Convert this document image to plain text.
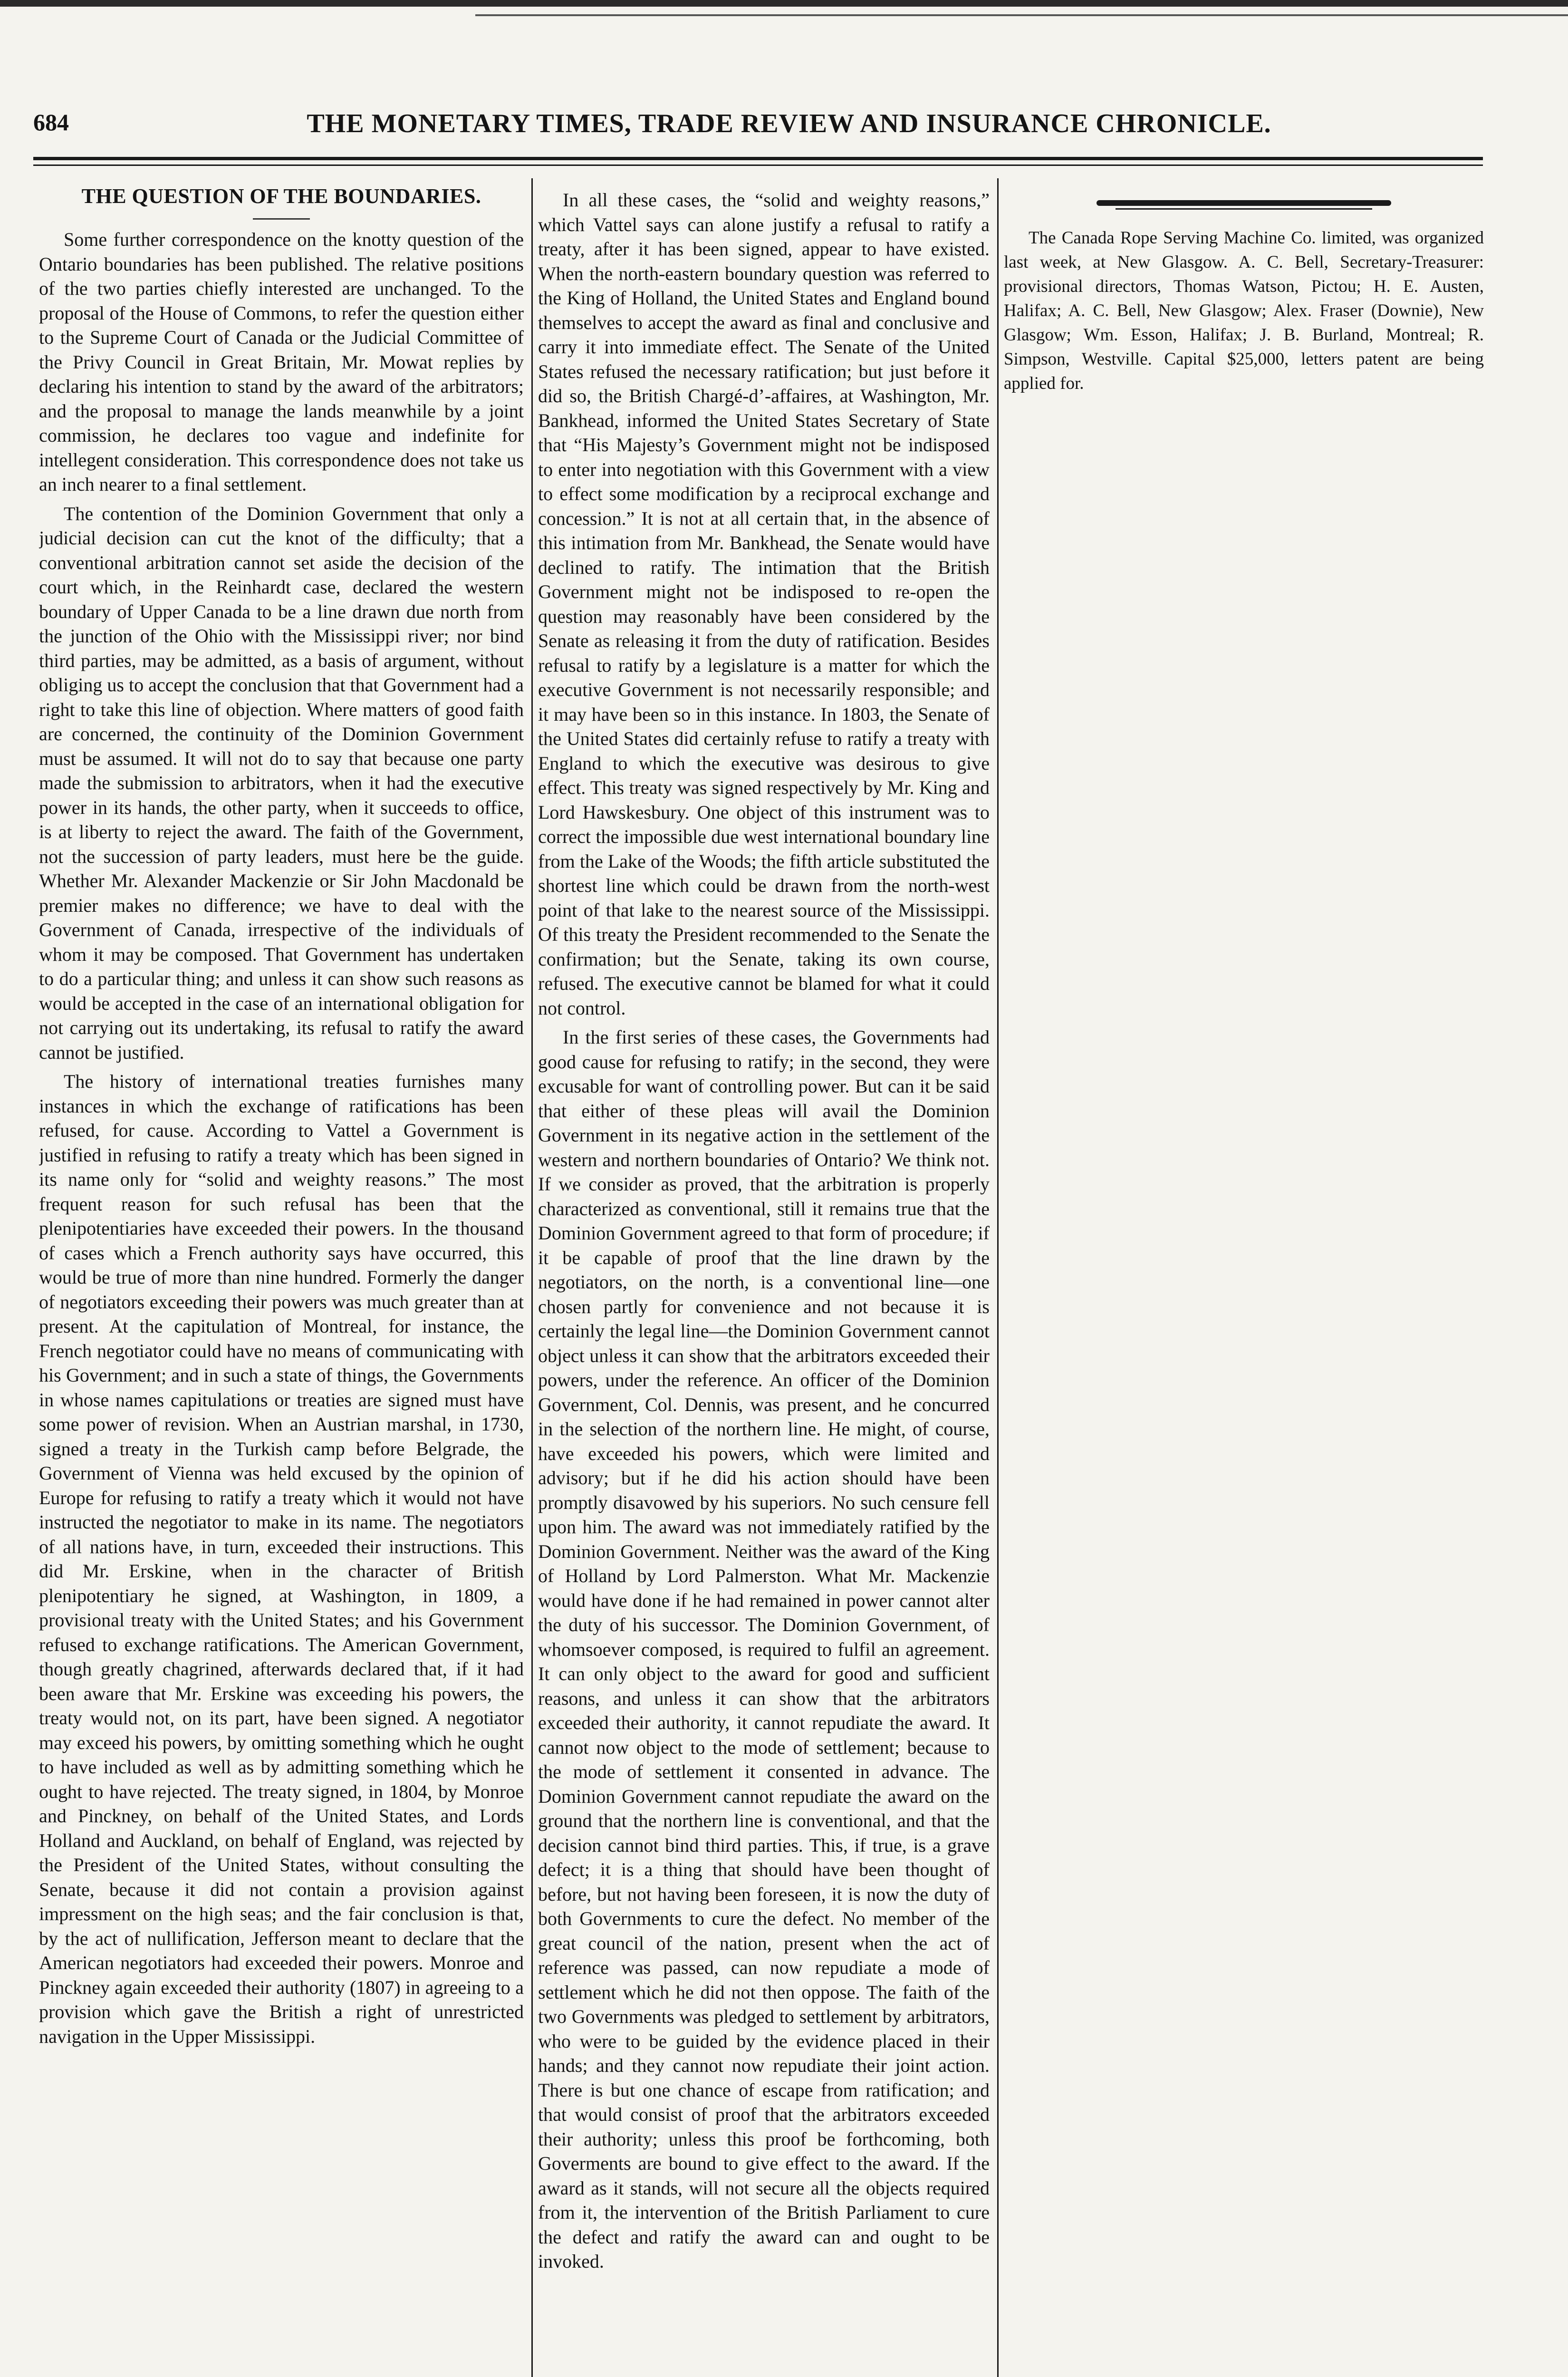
684	THE MONETARY TIMES, TRADE REVIEW AND INSURANCE CHRONICLE.
THE QUESTION OF THE BOUNDARIES.

Some further correspondence on the knotty question of the Ontario boundaries has been published. The relative positions of the two parties chiefly interested are unchanged. To the proposal of the House of Commons, to refer the question either to the Supreme Court of Canada or the Judicial Committee of the Privy Council in Great Britain, Mr. Mowat replies by declaring his intention to stand by the award of the arbitrators; and the proposal to manage the lands meanwhile by a joint commission, he declares too vague and indefinite for intellegent consideration. This correspondence does not take us an inch nearer to a final settlement.

The contention of the Dominion Government that only a judicial decision can cut the knot of the difficulty; that a conventional arbitration cannot set aside the decision of the court which, in the Reinhardt case, declared the western boundary of Upper Canada to be a line drawn due north from the junction of the Ohio with the Mississippi river; nor bind third parties, may be admitted, as a basis of argument, without obliging us to accept the conclusion that that Government had a right to take this line of objection. Where matters of good faith are concerned, the continuity of the Dominion Government must be assumed. It will not do to say that because one party made the submission to arbitrators, when it had the executive power in its hands, the other party, when it succeeds to office, is at liberty to reject the award. The faith of the Government, not the succession of party leaders, must here be the guide. Whether Mr. Alexander Mackenzie or Sir John Macdonald be premier makes no difference; we have to deal with the Government of Canada, irrespective of the individuals of whom it may be composed. That Government has undertaken to do a particular thing; and unless it can show such reasons as would be accepted in the case of an international obligation for not carrying out its undertaking, its refusal to ratify the award cannot be justified.

The history of international treaties furnishes many instances in which the exchange of ratifications has been refused, for cause. According to Vattel a Government is justified in refusing to ratify a treaty which has been signed in its name only for “solid and weighty reasons.” The most frequent reason for such refusal has been that the plenipotentiaries have exceeded their powers. In the thousand of cases which a French authority says have occurred, this would be true of more than nine hundred. Formerly the danger of negotiators exceeding their powers was much greater than at present. At the capitulation of Montreal, for instance, the French negotiator could have no means of communicating with his Government; and in such a state of things, the Governments in whose names capitulations or treaties are signed must have some power of revision. When an Austrian marshal, in 1730, signed a treaty in the Turkish camp before Belgrade, the Government of Vienna was held excused by the opinion of Europe for refusing to ratify a treaty which it would not have instructed the negotiator to make in its name. The negotiators of all nations have, in turn, exceeded their instructions. This did Mr. Erskine, when in the character of British plenipotentiary he signed, at Washington, in 1809, a provisional treaty with the United States; and his Government refused to exchange ratifications. The American Government, though greatly chagrined, afterwards declared that, if it had been aware that Mr. Erskine was exceeding his powers, the treaty would not, on its part, have been signed. A negotiator may exceed his powers, by omitting something which he ought to have included as well as by admitting something which he ought to have rejected. The treaty signed, in 1804, by Monroe and Pinckney, on behalf of the United States, and Lords Holland and Auckland, on behalf of England, was rejected by the President of the United States, without consulting the Senate, because it did not contain a provision against impressment on the high seas; and the fair conclusion is that, by the act of nullification, Jefferson meant to declare that the American negotiators had exceeded their powers. Monroe and Pinckney again exceeded their authority (1807) in agreeing to a provision which gave the British a right of unrestricted navigation in the Upper Mississippi.

In all these cases, the “solid and weighty reasons,” which Vattel says can alone justify a refusal to ratify a treaty, after it has been signed, appear to have existed. When the north-eastern boundary question was referred to the King of Holland, the United States and England bound themselves to accept the award as final and conclusive and carry it into immediate effect. The Senate of the United States refused the necessary ratification; but just before it did so, the British Chargé-d’-affaires, at Washington, Mr. Bankhead, informed the United States Secretary of State that “His Majesty’s Government might not be indisposed to enter into negotiation with this Government with a view to effect some modification by a reciprocal exchange and concession.” It is not at all certain that, in the absence of this intimation from Mr. Bankhead, the Senate would have declined to ratify. The intimation that the British Government might not be indisposed to re-open the question may reasonably have been considered by the Senate as releasing it from the duty of ratification. Besides refusal to ratify by a legislature is a matter for which the executive Government is not necessarily responsible; and it may have been so in this instance. In 1803, the Senate of the United States did certainly refuse to ratify a treaty with England to which the executive was desirous to give effect. This treaty was signed respectively by Mr. King and Lord Hawskesbury. One object of this instrument was to correct the impossible due west international boundary line from the Lake of the Woods; the fifth article substituted the shortest line which could be drawn from the north-west point of that lake to the nearest source of the Mississippi. Of this treaty the President recommended to the Senate the confirmation; but the Senate, taking its own course, refused. The executive cannot be blamed for what it could not control.

In the first series of these cases, the Governments had good cause for refusing to ratify; in the second, they were excusable for want of controlling power. But can it be said that either of these pleas will avail the Dominion Government in its negative action in the settlement of the western and northern boundaries of Ontario? We think not. If we consider as proved, that the arbitration is properly characterized as conventional, still it remains true that the Dominion Government agreed to that form of procedure; if it be capable of proof that the line drawn by the negotiators, on the north, is a conventional line—one chosen partly for convenience and not because it is certainly the legal line—the Dominion Government cannot object unless it can show that the arbitrators exceeded their powers, under the reference. An officer of the Dominion Government, Col. Dennis, was present, and he concurred in the selection of the northern line. He might, of course, have exceeded his powers, which were limited and advisory; but if he did his action should have been promptly disavowed by his superiors. No such censure fell upon him. The award was not immediately ratified by the Dominion Government. Neither was the award of the King of Holland by Lord Palmerston. What Mr. Mackenzie would have done if he had remained in power cannot alter the duty of his successor. The Dominion Government, of whomsoever composed, is required to fulfil an agreement. It can only object to the award for good and sufficient reasons, and unless it can show that the arbitrators exceeded their authority, it cannot repudiate the award. It cannot now object to the mode of settlement; because to the mode of settlement it consented in advance. The Dominion Government cannot repudiate the award on the ground that the northern line is conventional, and that the decision cannot bind third parties. This, if true, is a grave defect; it is a thing that should have been thought of before, but not having been foreseen, it is now the duty of both Governments to cure the defect. No member of the great council of the nation, present when the act of reference was passed, can now repudiate a mode of settlement which he did not then oppose. The faith of the two Governments was pledged to settlement by arbitrators, who were to be guided by the evidence placed in their hands; and they cannot now repudiate their joint action. There is but one chance of escape from ratification; and that would consist of proof that the arbitrators exceeded their authority; unless this proof be forthcoming, both Goverments are bound to give effect to the award. If the award as it stands, will not secure all the objects required from it, the intervention of the British Parliament to cure the defect and ratify the award can and ought to be invoked.

The Canada Rope Serving Machine Co. limited, was organized last week, at New Glasgow. A. C. Bell, Secretary-Treasurer: provisional directors, Thomas Watson, Pictou; H. E. Austen, Halifax; A. C. Bell, New Glasgow; Alex. Fraser (Downie), New Glasgow; Wm. Esson, Halifax; J. B. Burland, Montreal; R. Simpson, Westville. Capital $25,000, letters patent are being applied for.
